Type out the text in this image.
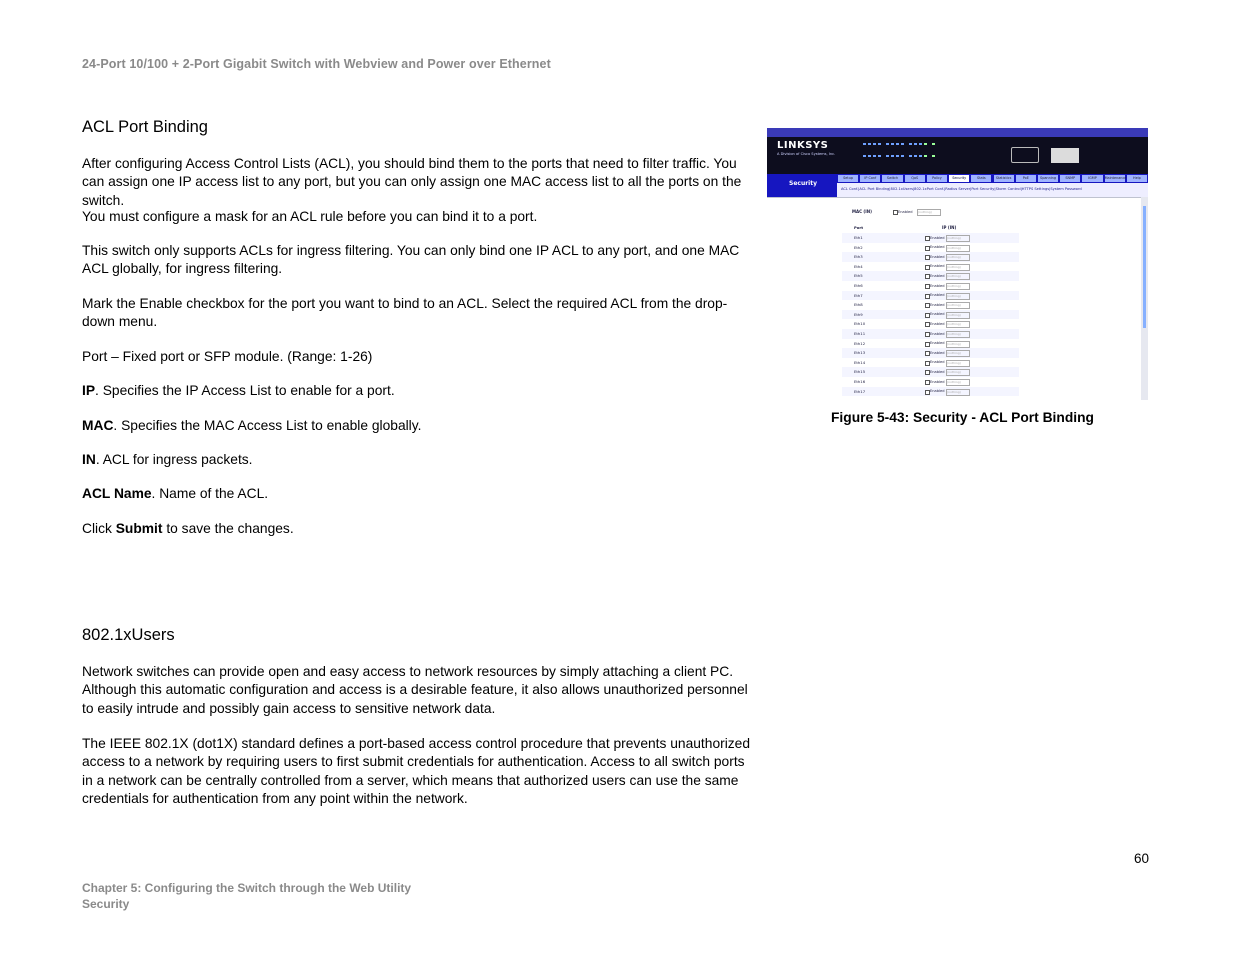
24-Port 10/100 + 2-Port Gigabit Switch with Webview and Power over Ethernet
ACL Port Binding

After configuring Access Control Lists (ACL), you should bind them to the ports that need to filter traffic. You can assign one IP access list to any port, but you can only assign one MAC access list to all the ports on the switch.

You must configure a mask for an ACL rule before you can bind it to a port.

This switch only supports ACLs for ingress filtering. You can only bind one IP ACL to any port, and one MAC ACL globally, for ingress filtering.

Mark the Enable checkbox for the port you want to bind to an ACL. Select the required ACL from the drop-down menu.

Port – Fixed port or SFP module. (Range: 1-26)

IP. Specifies the IP Access List to enable for a port.

MAC. Specifies the MAC Access List to enable globally.

IN. ACL for ingress packets.

ACL Name. Name of the ACL.

Click Submit to save the changes.

802.1xUsers

Network switches can provide open and easy access to network resources by simply attaching a client PC. Although this automatic configuration and access is a desirable feature, it also allows unauthorized personnel to easily intrude and possibly gain access to sensitive network data.

The IEEE 802.1X (dot1X) standard defines a port-based access control procedure that prevents unauthorized access to a network by requiring users to first submit credentials for authentication. Access to all switch ports in a network can be centrally controlled from a server, which means that authorized users can use the same credentials for authentication from any point within the network.

LINKSYS
A Division of Cisco Systems, Inc.
Security
Setup	IP Conf	Switch	QoS	Policy	Security	Stats	Statistics	PoE	Spanning	SNMP	IGMP	Maintenance	Help
ACL Conf.|ACL Port Binding|802.1xUsers|802.1xPort Conf.|Radius Server|Port Security|Storm Control|HTTPS Settings|System Password
MAC (IN)	Enabled	(nothing)
Port	IP (IN)
Eth1	Enabled (nothing)
Eth2	Enabled (nothing)
Eth3	Enabled (nothing)
Eth4	Enabled (nothing)
Eth5	Enabled (nothing)
Eth6	Enabled (nothing)
Eth7	Enabled (nothing)
Eth8	Enabled (nothing)
Eth9	Enabled (nothing)
Eth10	Enabled (nothing)
Eth11	Enabled (nothing)
Eth12	Enabled (nothing)
Eth13	Enabled (nothing)
Eth14	Enabled (nothing)
Eth15	Enabled (nothing)
Eth16	Enabled (nothing)
Eth17	Enabled (nothing)
Figure 5-43: Security - ACL Port Binding
60
Chapter 5: Configuring the Switch through the Web Utility
Security
